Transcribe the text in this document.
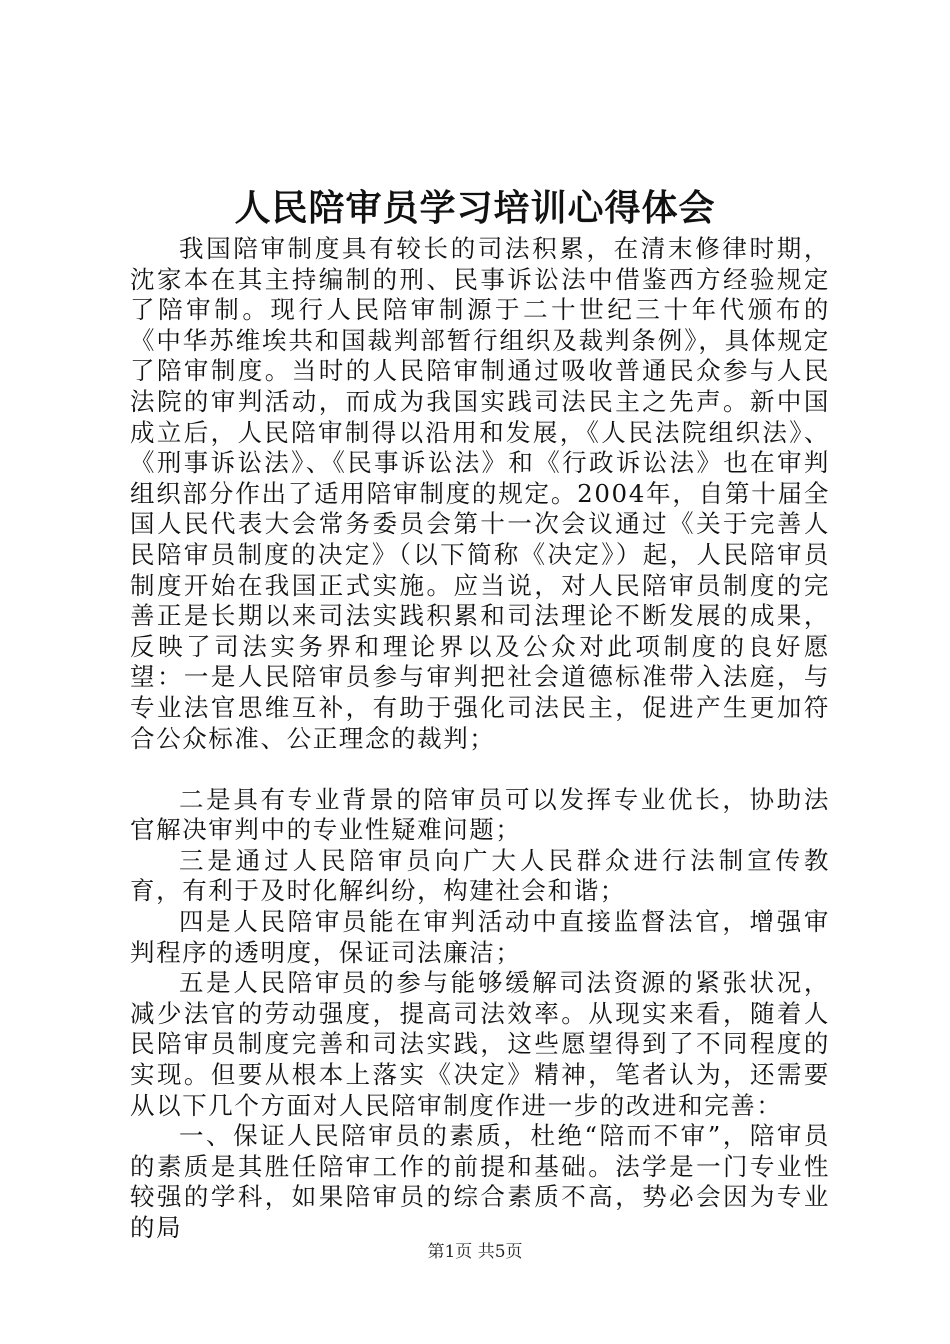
人民陪审员学习培训心得体会

我国陪审制度具有较长的司法积累，在清末修律时期，沈家本在其主持编制的刑、民事诉讼法中借鉴西方经验规定了陪审制。现行人民陪审制源于二十世纪三十年代颁布的《中华苏维埃共和国裁判部暂行组织及裁判条例》，具体规定了陪审制度。当时的人民陪审制通过吸收普通民众参与人民法院的审判活动，而成为我国实践司法民主之先声。新中国成立后，人民陪审制得以沿用和发展，《人民法院组织法》、《刑事诉讼法》、《民事诉讼法》和《行政诉讼法》也在审判组织部分作出了适用陪审制度的规定。2004年，自第十届全国人民代表大会常务委员会第十一次会议通过《关于完善人民陪审员制度的决定》（以下简称《决定》）起，人民陪审员制度开始在我国正式实施。应当说，对人民陪审员制度的完善正是长期以来司法实践积累和司法理论不断发展的成果，反映了司法实务界和理论界以及公众对此项制度的良好愿望：一是人民陪审员参与审判把社会道德标准带入法庭，与专业法官思维互补，有助于强化司法民主，促进产生更加符合公众标准、公正理念的裁判；

二是具有专业背景的陪审员可以发挥专业优长，协助法官解决审判中的专业性疑难问题；

三是通过人民陪审员向广大人民群众进行法制宣传教育，有利于及时化解纠纷，构建社会和谐；

四是人民陪审员能在审判活动中直接监督法官，增强审判程序的透明度，保证司法廉洁；

五是人民陪审员的参与能够缓解司法资源的紧张状况，减少法官的劳动强度，提高司法效率。从现实来看，随着人民陪审员制度完善和司法实践，这些愿望得到了不同程度的实现。但要从根本上落实《决定》精神，笔者认为，还需要从以下几个方面对人民陪审制度作进一步的改进和完善：

一、保证人民陪审员的素质，杜绝“陪而不审”，陪审员的素质是其胜任陪审工作的前提和基础。法学是一门专业性较强的学科，如果陪审员的综合素质不高，势必会因为专业的局

第1页 共5页
